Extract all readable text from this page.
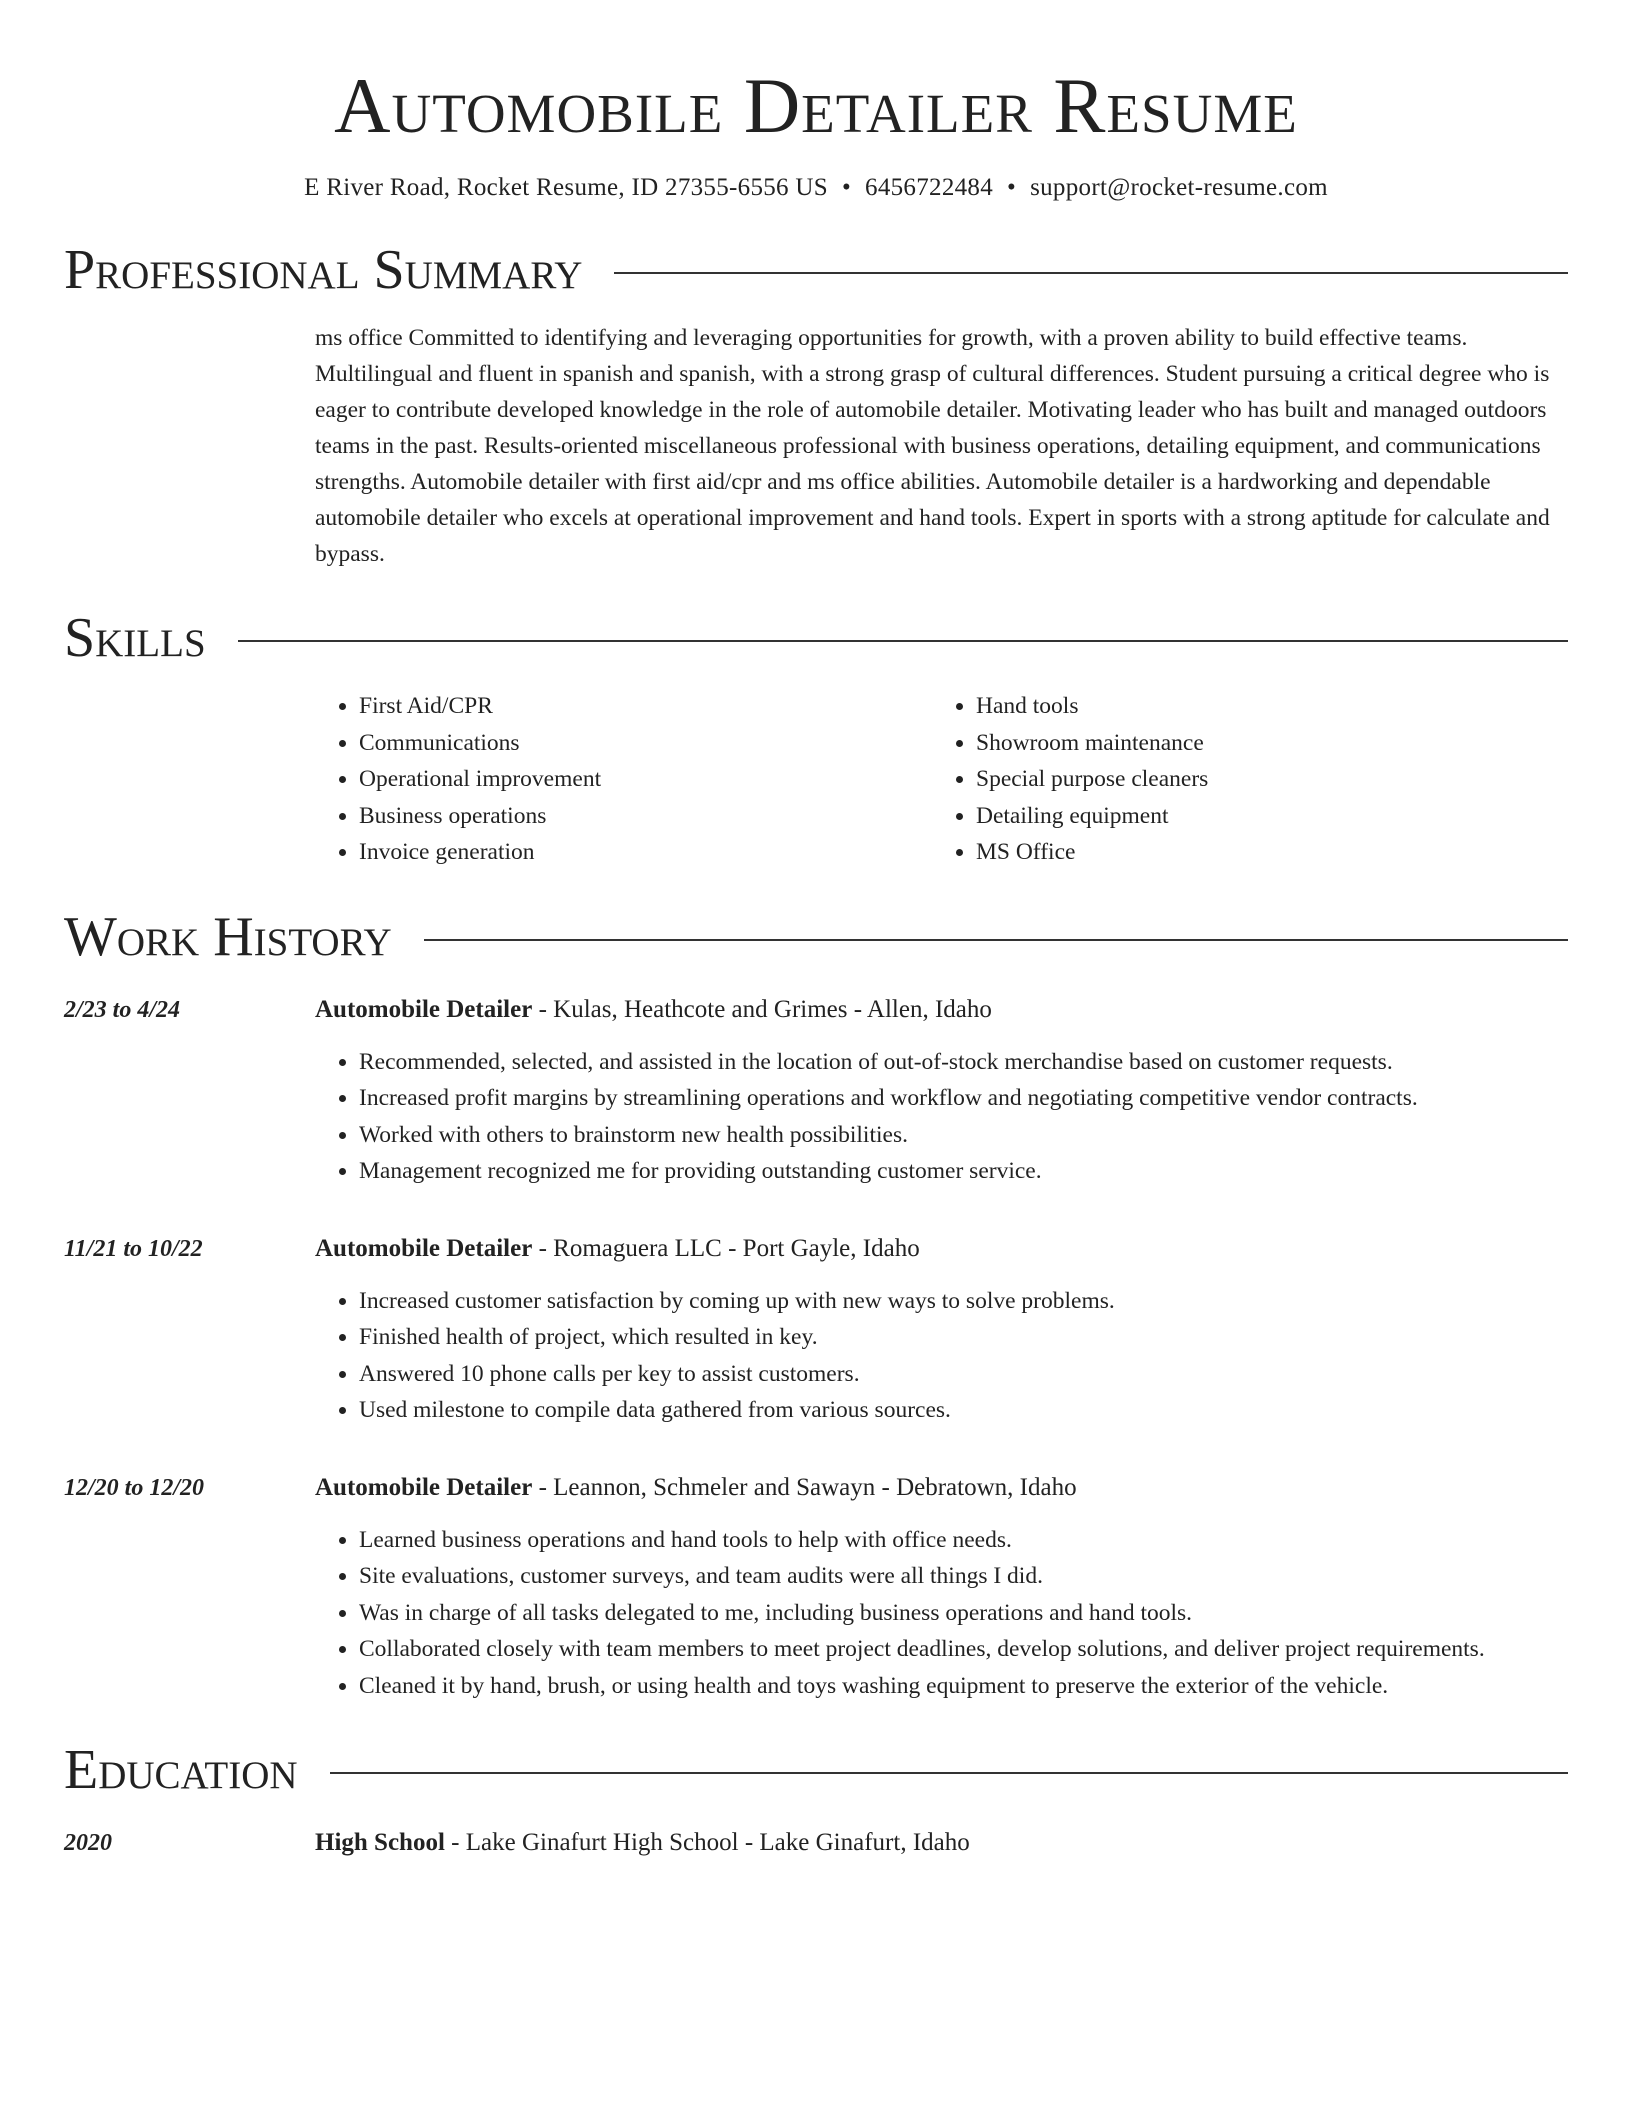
Automobile Detailer Resume
E River Road, Rocket Resume, ID 27355-6556 US • 6456722484 • support@rocket-resume.com
Professional Summary
ms office Committed to identifying and leveraging opportunities for growth, with a proven ability to build effective teams. Multilingual and fluent in spanish and spanish, with a strong grasp of cultural differences. Student pursuing a critical degree who is eager to contribute developed knowledge in the role of automobile detailer. Motivating leader who has built and managed outdoors teams in the past. Results-oriented miscellaneous professional with business operations, detailing equipment, and communications strengths. Automobile detailer with first aid/cpr and ms office abilities. Automobile detailer is a hardworking and dependable automobile detailer who excels at operational improvement and hand tools. Expert in sports with a strong aptitude for calculate and bypass.
Skills
• First Aid/CPR
• Communications
• Operational improvement
• Business operations
• Invoice generation
• Hand tools
• Showroom maintenance
• Special purpose cleaners
• Detailing equipment
• MS Office
Work History
2/23 to 4/24	Automobile Detailer - Kulas, Heathcote and Grimes - Allen, Idaho
• Recommended, selected, and assisted in the location of out-of-stock merchandise based on customer requests.
• Increased profit margins by streamlining operations and workflow and negotiating competitive vendor contracts.
• Worked with others to brainstorm new health possibilities.
• Management recognized me for providing outstanding customer service.
11/21 to 10/22	Automobile Detailer - Romaguera LLC - Port Gayle, Idaho
• Increased customer satisfaction by coming up with new ways to solve problems.
• Finished health of project, which resulted in key.
• Answered 10 phone calls per key to assist customers.
• Used milestone to compile data gathered from various sources.
12/20 to 12/20	Automobile Detailer - Leannon, Schmeler and Sawayn - Debratown, Idaho
• Learned business operations and hand tools to help with office needs.
• Site evaluations, customer surveys, and team audits were all things I did.
• Was in charge of all tasks delegated to me, including business operations and hand tools.
• Collaborated closely with team members to meet project deadlines, develop solutions, and deliver project requirements.
• Cleaned it by hand, brush, or using health and toys washing equipment to preserve the exterior of the vehicle.
Education
2020	High School - Lake Ginafurt High School - Lake Ginafurt, Idaho
